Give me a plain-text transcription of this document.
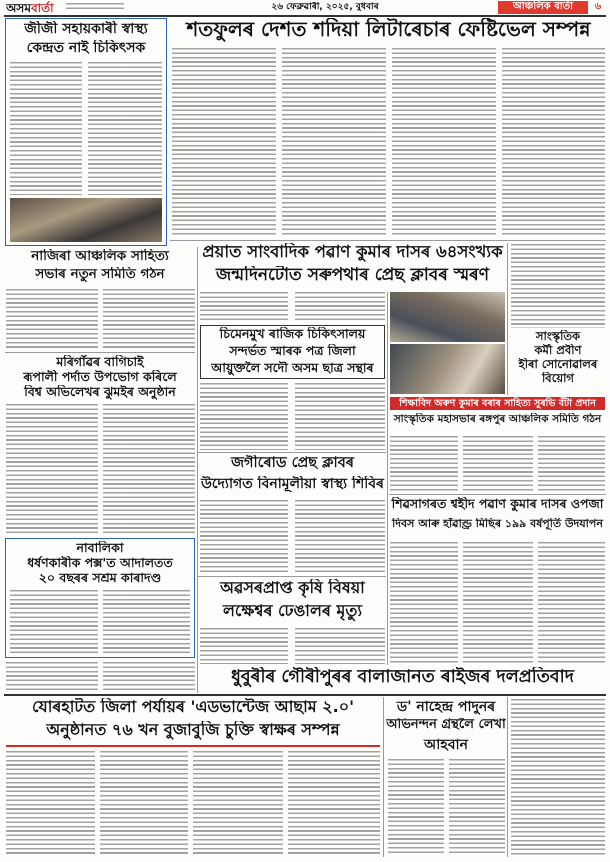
অসমবাৰ্তা	২৬ ফেব্ৰুৱাৰী, ২০২৫, বুধবাৰ	আঞ্চলিক বাৰ্তা	৬
জীজী সহায়কাৰী স্বাস্থ্য
কেন্দ্ৰত নাই চিকিৎসক
শতফুলৰ দেশত শদিয়া লিটাৰেচাৰ ফেষ্টিভেল সম্পন্ন
প্ৰয়াত সাংবাদিক পৱাণ কুমাৰ দাসৰ ৬৪সংখ্যক
জন্মদিনটোত সৰুপথাৰ প্ৰেছ ক্লাবৰ স্মৰণ
চিমেনমুখ ৰাজিক চিকিৎসালয়
সন্দৰ্ভত স্মাৰক পত্ৰ জিলা
আয়ুক্তলৈ সদৌ অসম ছাত্ৰ সন্থাৰ
সাংস্কৃতিক
কৰ্মী প্ৰবীণ
হীৰা সোনোৱালৰ
বিয়োগ
শিক্ষাবিদ অৰুণ কুমাৰ বৰাৰ সাহিত্য সুৰভি বঁটা প্ৰদান
সাংস্কৃতিক মহাসভাৰ ৰঙ্গপুৰ আঞ্চলিক সমিতি গঠন
শিৱসাগৰত শ্বহীদ পৱাণ কুমাৰ দাসৰ ওপজা
দিবস আৰু হাঁৱাণ্ড্ৰ মিছিৰ ১৯৯ বৰ্ষপূৰ্তি উদযাপন
নাজিৰা আঞ্চলিক সাহিত্য
সভাৰ নতুন সমিতি গঠন
মৰিগাঁৱৰ বাগিচাই
ৰূপালী পৰ্দাত উপভোগ কৰিলে
বিশ্ব অভিলেখৰ ঝুমইৰ অনুষ্ঠান
নাবালিকা
ধৰ্ষণকাৰীক পক্স'ত আদালতত
২০ বছৰৰ সশ্ৰম কাৰাদণ্ড
জগীৰোড প্ৰেছ ক্লাবৰ
উদ্যোগত বিনামূলীয়া স্বাস্থ্য শিবিৰ
অৱসৰপ্ৰাপ্ত কৃষি বিষয়া
লক্ষেশ্বৰ ঢেঙালৰ মৃত্যু
ধুবুৰীৰ গৌৰীপুৰৰ বালাজানত ৰাইজৰ দলপ্ৰতিবাদ
যোৰহাটত জিলা পৰ্যায়ৰ 'এডভান্টেজ আছাম ২.০'
অনুষ্ঠানত ৭৬ খন বুজাবুজি চুক্তি স্বাক্ষৰ সম্পন্ন
ড' নাহেন্দ্ৰ পাদুনৰ
অভিনন্দন গ্ৰন্থলৈ লেখা
আহবান
